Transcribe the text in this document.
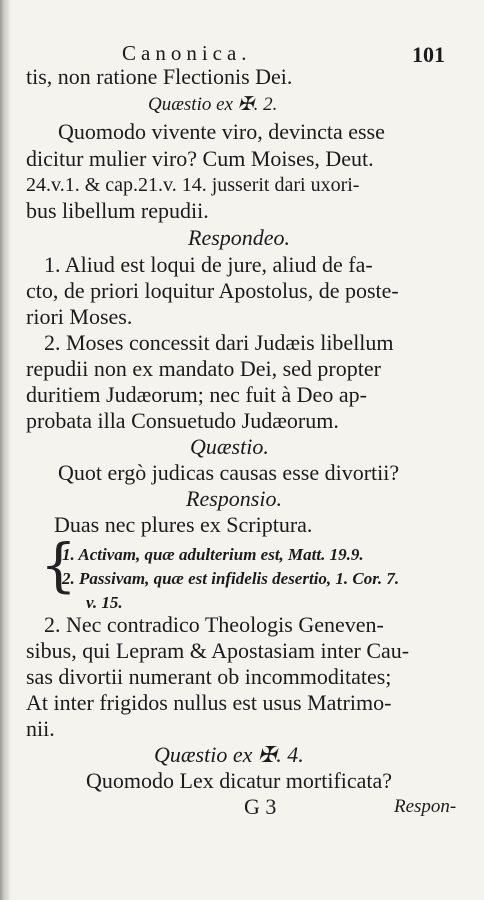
Canonica.	101
tis, non ratione Flectionis Dei.
Quæstio ex ✠. 2.
Quomodo vivente viro, devincta esse
dicitur mulier viro? Cum Moises, Deut.
24.v.1. & cap.21.v. 14. jusserit dari uxori-
bus libellum repudii.
Respondeo.
1. Aliud est loqui de jure, aliud de fa-
cto, de priori loquitur Apostolus, de poste-
riori Moses.
2. Moses concessit dari Judæis libellum
repudii non ex mandato Dei, sed propter
duritiem Judæorum; nec fuit à Deo ap-
probata illa Consuetudo Judæorum.
Quæstio.
Quot ergò judicas causas esse divortii?
Responsio.
Duas nec plures ex Scriptura.
{
1. Activam, quæ adulterium est, Matt. 19.9.
2. Passivam, quæ est infidelis desertio, 1. Cor. 7.
v. 15.
2. Nec contradico Theologis Geneven-
sibus, qui Lepram & Apostasiam inter Cau-
sas divortii numerant ob incommoditates;
At inter frigidos nullus est usus Matrimo-
nii.
Quæstio ex ✠. 4.
Quomodo Lex dicatur mortificata?
G 3	Respon-
